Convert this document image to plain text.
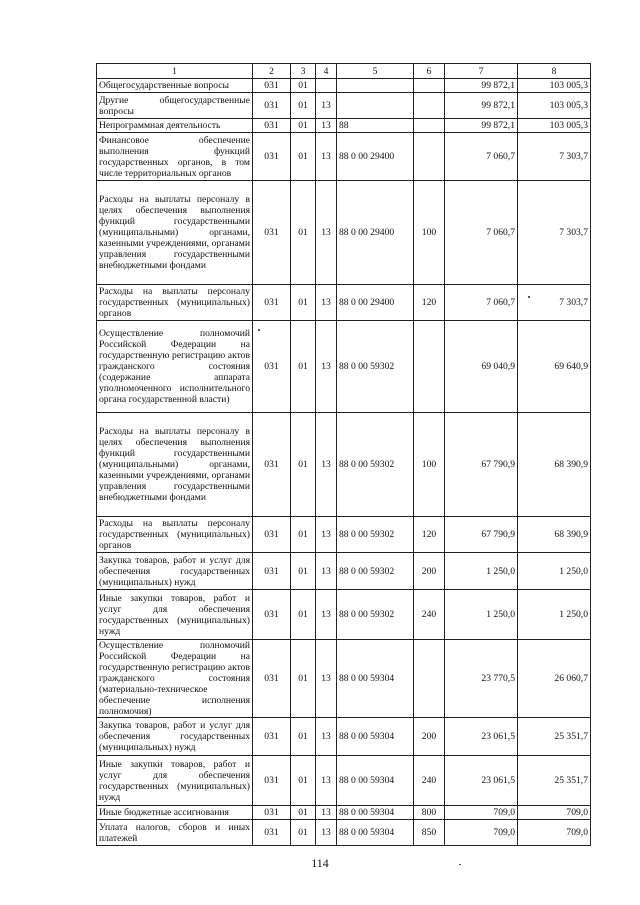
1	2	3	4	5	6	7	8
Общегосударственные вопросы	031	01				99 872,1	103 005,3
Другие общегосударственные вопросы	031	01	13			99 872,1	103 005,3
Непрограммная деятельность	031	01	13	88		99 872,1	103 005,3
Финансовое обеспечение выполнения функций государственных органов, в том числе территориальных органов	031	01	13	88 0 00 29400		7 060,7	7 303,7
Расходы на выплаты персоналу в целях обеспечения выполнения функций государственными (муниципальными) органами, казенными учреждениями, органами управления государственными внебюджетными фондами	031	01	13	88 0 00 29400	100	7 060,7	7 303,7
Расходы на выплаты персоналу государственных (муниципальных) органов	031	01	13	88 0 00 29400	120	7 060,7	7 303,7
Осуществление полномочий Российской Федерации на государственную регистрацию актов гражданского состояния (содержание аппарата уполномоченного исполнительного органа государственной власти)	031	01	13	88 0 00 59302		69 040,9	69 640,9
Расходы на выплаты персоналу в целях обеспечения выполнения функций государственными (муниципальными) органами, казенными учреждениями, органами управления государственными внебюджетными фондами	031	01	13	88 0 00 59302	100	67 790,9	68 390,9
Расходы на выплаты персоналу государственных (муниципальных) органов	031	01	13	88 0 00 59302	120	67 790,9	68 390,9
Закупка товаров, работ и услуг для обеспечения государственных (муниципальных) нужд	031	01	13	88 0 00 59302	200	1 250,0	1 250,0
Иные закупки товаров, работ и услуг для обеспечения государственных (муниципальных) нужд	031	01	13	88 0 00 59302	240	1 250,0	1 250,0
Осуществление полномочий Российской Федерации на государственную регистрацию актов гражданского состояния (материально-техническое обеспечение исполнения полномочия)	031	01	13	88 0 00 59304		23 770,5	26 060,7
Закупка товаров, работ и услуг для обеспечения государственных (муниципальных) нужд	031	01	13	88 0 00 59304	200	23 061,5	25 351,7
Иные закупки товаров, работ и услуг для обеспечения государственных (муниципальных) нужд	031	01	13	88 0 00 59304	240	23 061,5	25 351,7
Иные бюджетные ассигнования	031	01	13	88 0 00 59304	800	709,0	709,0
Уплата налогов, сборов и иных платежей	031	01	13	88 0 00 59304	850	709,0	709,0
114
